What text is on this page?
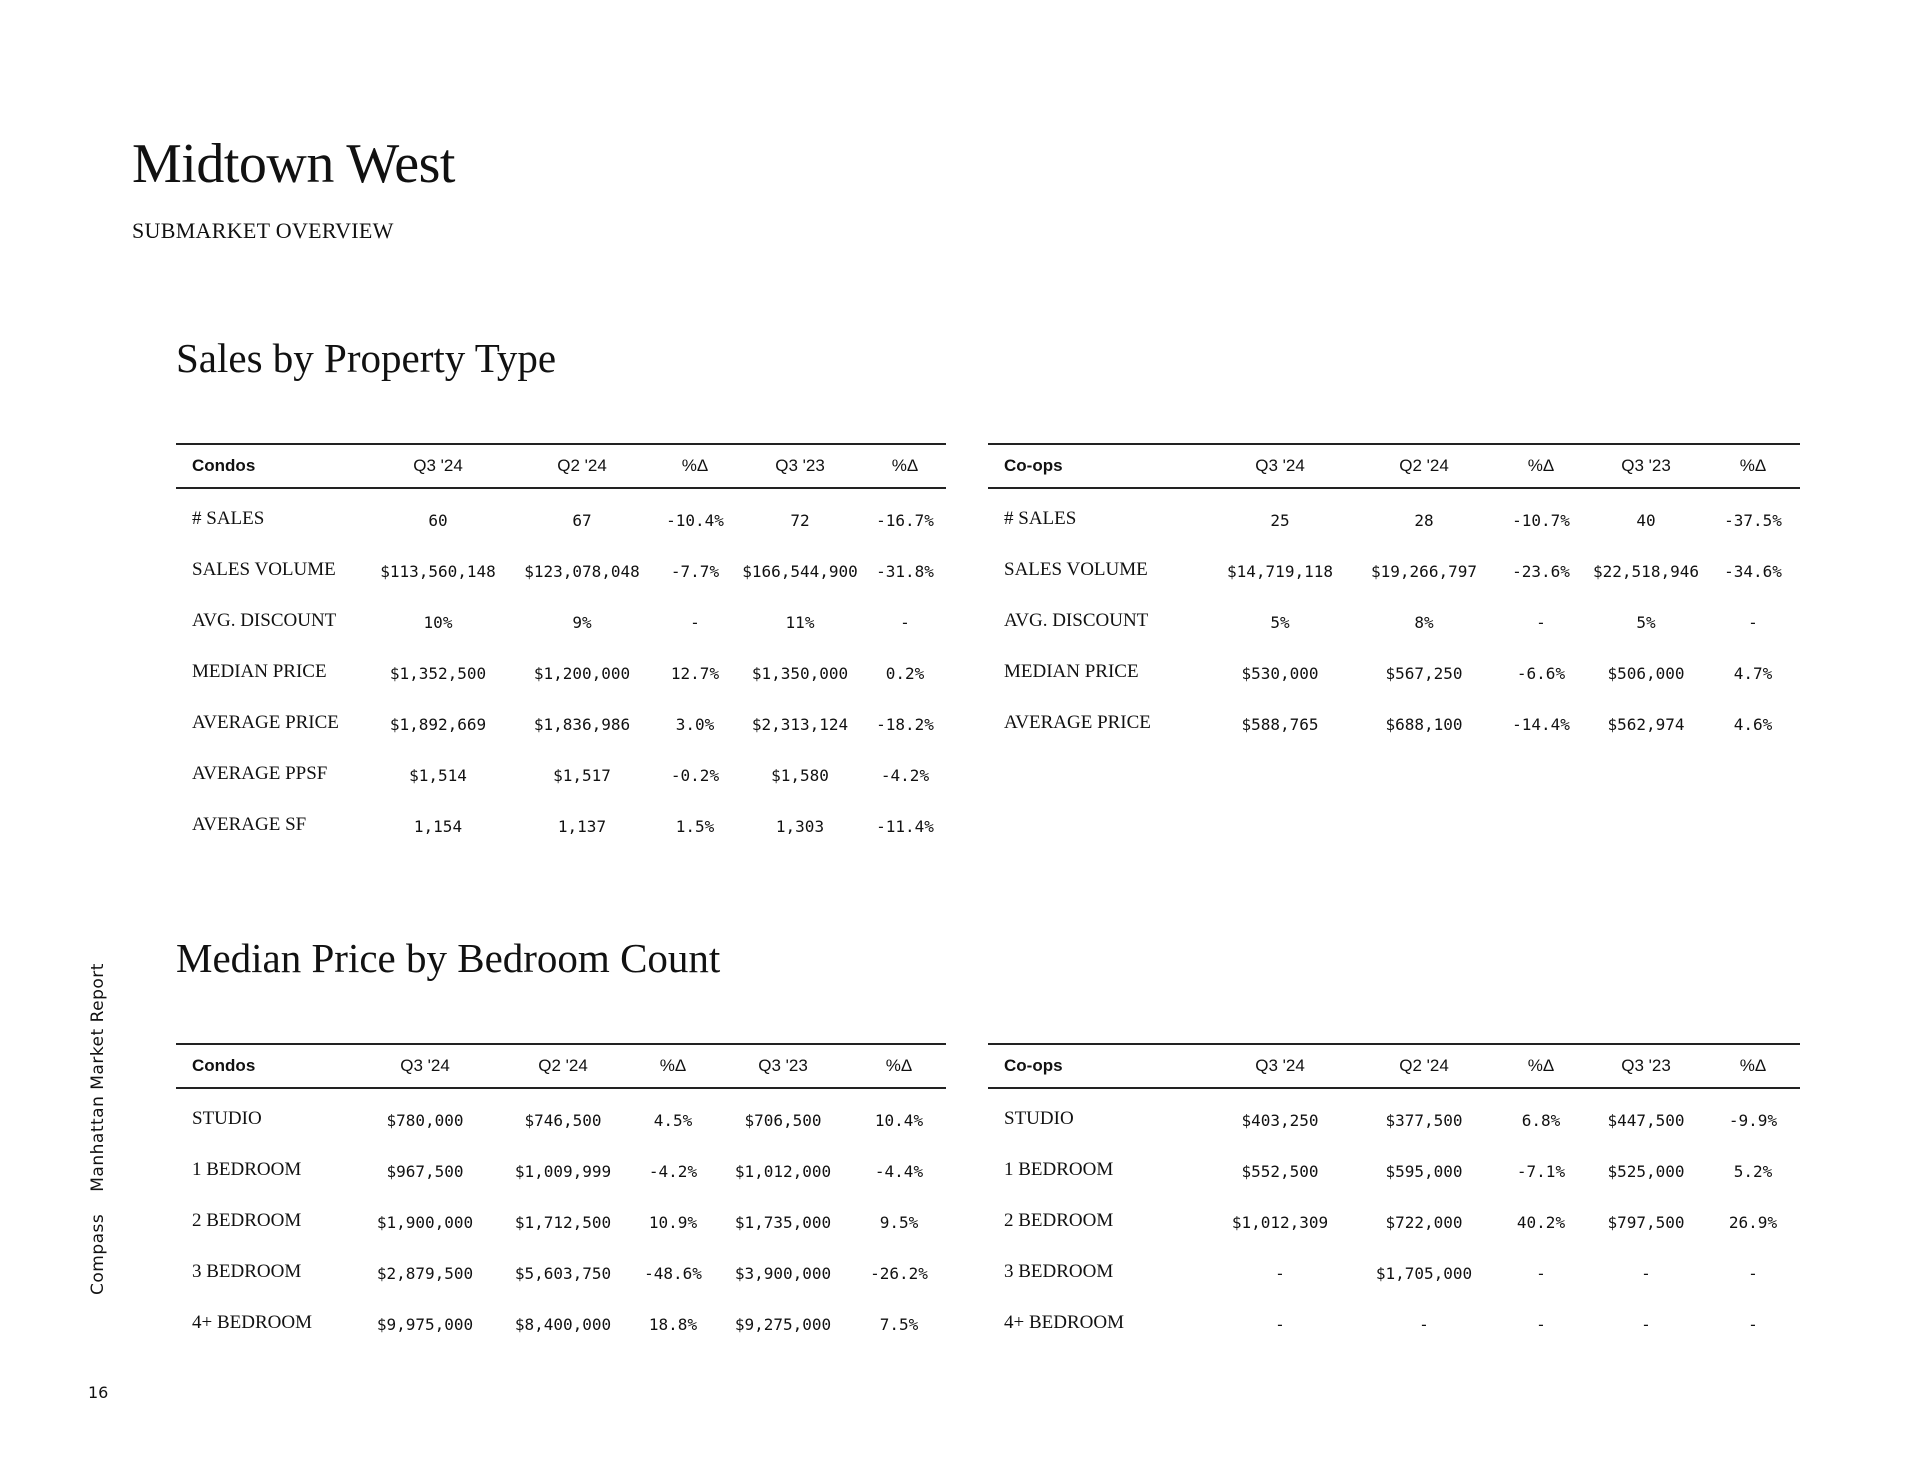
Midtown West
SUBMARKET OVERVIEW
Sales by Property Type
Median Price by Bedroom Count
Condos	Q3 '24	Q2 '24	%Δ	Q3 '23	%Δ
# SALES	60	67	-10.4%	72	-16.7%
SALES VOLUME	$113,560,148	$123,078,048	-7.7%	$166,544,900	-31.8%
AVG. DISCOUNT	10%	9%	-	11%	-
MEDIAN PRICE	$1,352,500	$1,200,000	12.7%	$1,350,000	0.2%
AVERAGE PRICE	$1,892,669	$1,836,986	3.0%	$2,313,124	-18.2%
AVERAGE PPSF	$1,514	$1,517	-0.2%	$1,580	-4.2%
AVERAGE SF	1,154	1,137	1.5%	1,303	-11.4%
Co-ops	Q3 '24	Q2 '24	%Δ	Q3 '23	%Δ
# SALES	25	28	-10.7%	40	-37.5%
SALES VOLUME	$14,719,118	$19,266,797	-23.6%	$22,518,946	-34.6%
AVG. DISCOUNT	5%	8%	-	5%	-
MEDIAN PRICE	$530,000	$567,250	-6.6%	$506,000	4.7%
AVERAGE PRICE	$588,765	$688,100	-14.4%	$562,974	4.6%
Condos	Q3 '24	Q2 '24	%Δ	Q3 '23	%Δ
STUDIO	$780,000	$746,500	4.5%	$706,500	10.4%
1 BEDROOM	$967,500	$1,009,999	-4.2%	$1,012,000	-4.4%
2 BEDROOM	$1,900,000	$1,712,500	10.9%	$1,735,000	9.5%
3 BEDROOM	$2,879,500	$5,603,750	-48.6%	$3,900,000	-26.2%
4+ BEDROOM	$9,975,000	$8,400,000	18.8%	$9,275,000	7.5%
Co-ops	Q3 '24	Q2 '24	%Δ	Q3 '23	%Δ
STUDIO	$403,250	$377,500	6.8%	$447,500	-9.9%
1 BEDROOM	$552,500	$595,000	-7.1%	$525,000	5.2%
2 BEDROOM	$1,012,309	$722,000	40.2%	$797,500	26.9%
3 BEDROOM	-	$1,705,000	-	-	-
4+ BEDROOM	-	-	-	-	-
CompassManhattan Market Report
16
